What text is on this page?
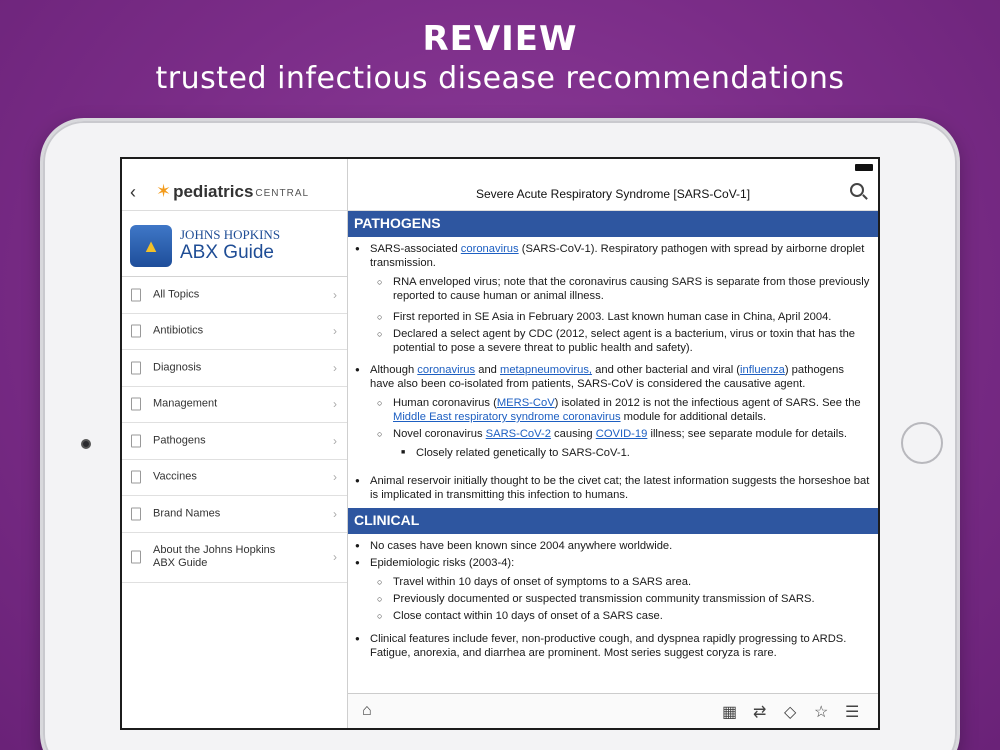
REVIEW
trusted infectious disease recommendations
‹ ✶ pediatrics CENTRAL
▲
JOHNS HOPKINS
ABX Guide
All Topics	›
Antibiotics	›
Diagnosis	›
Management	›
Pathogens	›
Vaccines	›
Brand Names	›
About the Johns Hopkins
ABX Guide	›
Severe Acute Respiratory Syndrome [SARS-CoV-1]
PATHOGENS
● SARS-associated coronavirus (SARS-CoV-1). Respiratory pathogen with spread by airborne droplet transmission.
○ RNA enveloped virus; note that the coronavirus causing SARS is separate from those previously reported to cause human or animal illness.
○ First reported in SE Asia in February 2003. Last known human case in China, April 2004.
○ Declared a select agent by CDC (2012, select agent is a bacterium, virus or toxin that has the potential to pose a severe threat to public health and safety).
● Although coronavirus and metapneumovirus, and other bacterial and viral (influenza) pathogens have also been co-isolated from patients, SARS-CoV is considered the causative agent.
○ Human coronavirus (MERS-CoV) isolated in 2012 is not the infectious agent of SARS. See the Middle East respiratory syndrome coronavirus module for additional details.
○ Novel coronavirus SARS-CoV-2 causing COVID-19 illness; see separate module for details.
■ Closely related genetically to SARS-CoV-1.
● Animal reservoir initially thought to be the civet cat; the latest information suggests the horseshoe bat is implicated in transmitting this infection to humans.
CLINICAL
● No cases have been known since 2004 anywhere worldwide.
● Epidemiologic risks (2003-4):
○ Travel within 10 days of onset of symptoms to a SARS area.
○ Previously documented or suspected transmission community transmission of SARS.
○ Close contact within 10 days of onset of a SARS case.
● Clinical features include fever, non-productive cough, and dyspnea rapidly progressing to ARDS. Fatigue, anorexia, and diarrhea are prominent. Most series suggest coryza is rare.
⌂	▦ ⇄ ◇ ☆ ☰
